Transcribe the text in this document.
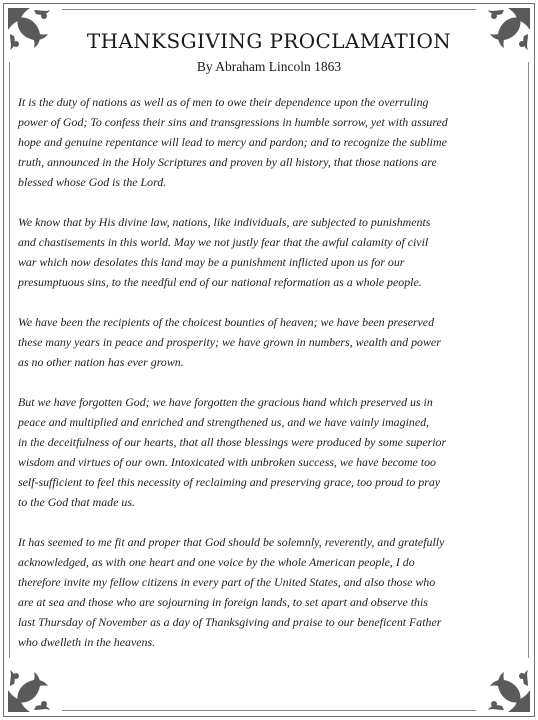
THANKSGIVING PROCLAMATION
By Abraham Lincoln 1863

It is the duty of nations as well as of men to owe their dependence upon the overruling
power of God; To confess their sins and transgressions in humble sorrow, yet with assured
hope and genuine repentance will lead to mercy and pardon; and to recognize the sublime
truth, announced in the Holy Scriptures and proven by all history, that those nations are
blessed whose God is the Lord.

We know that by His divine law, nations, like individuals, are subjected to punishments
and chastisements in this world. May we not justly fear that the awful calamity of civil
war which now desolates this land may be a punishment inflicted upon us for our
presumptuous sins, to the needful end of our national reformation as a whole people.

We have been the recipients of the choicest bounties of heaven; we have been preserved
these many years in peace and prosperity; we have grown in numbers, wealth and power
as no other nation has ever grown.

But we have forgotten God; we have forgotten the gracious hand which preserved us in
peace and multiplied and enriched and strengthened us, and we have vainly imagined,
in the deceitfulness of our hearts, that all those blessings were produced by some superior
wisdom and virtues of our own. Intoxicated with unbroken success, we have become too
self-sufficient to feel this necessity of reclaiming and preserving grace, too proud to pray
to the God that made us.

It has seemed to me fit and proper that God should be solemnly, reverently, and gratefully
acknowledged, as with one heart and one voice by the whole American people, I do
therefore invite my fellow citizens in every part of the United States, and also those who
are at sea and those who are sojourning in foreign lands, to set apart and observe this
last Thursday of November as a day of Thanksgiving and praise to our beneficent Father
who dwelleth in the heavens.
